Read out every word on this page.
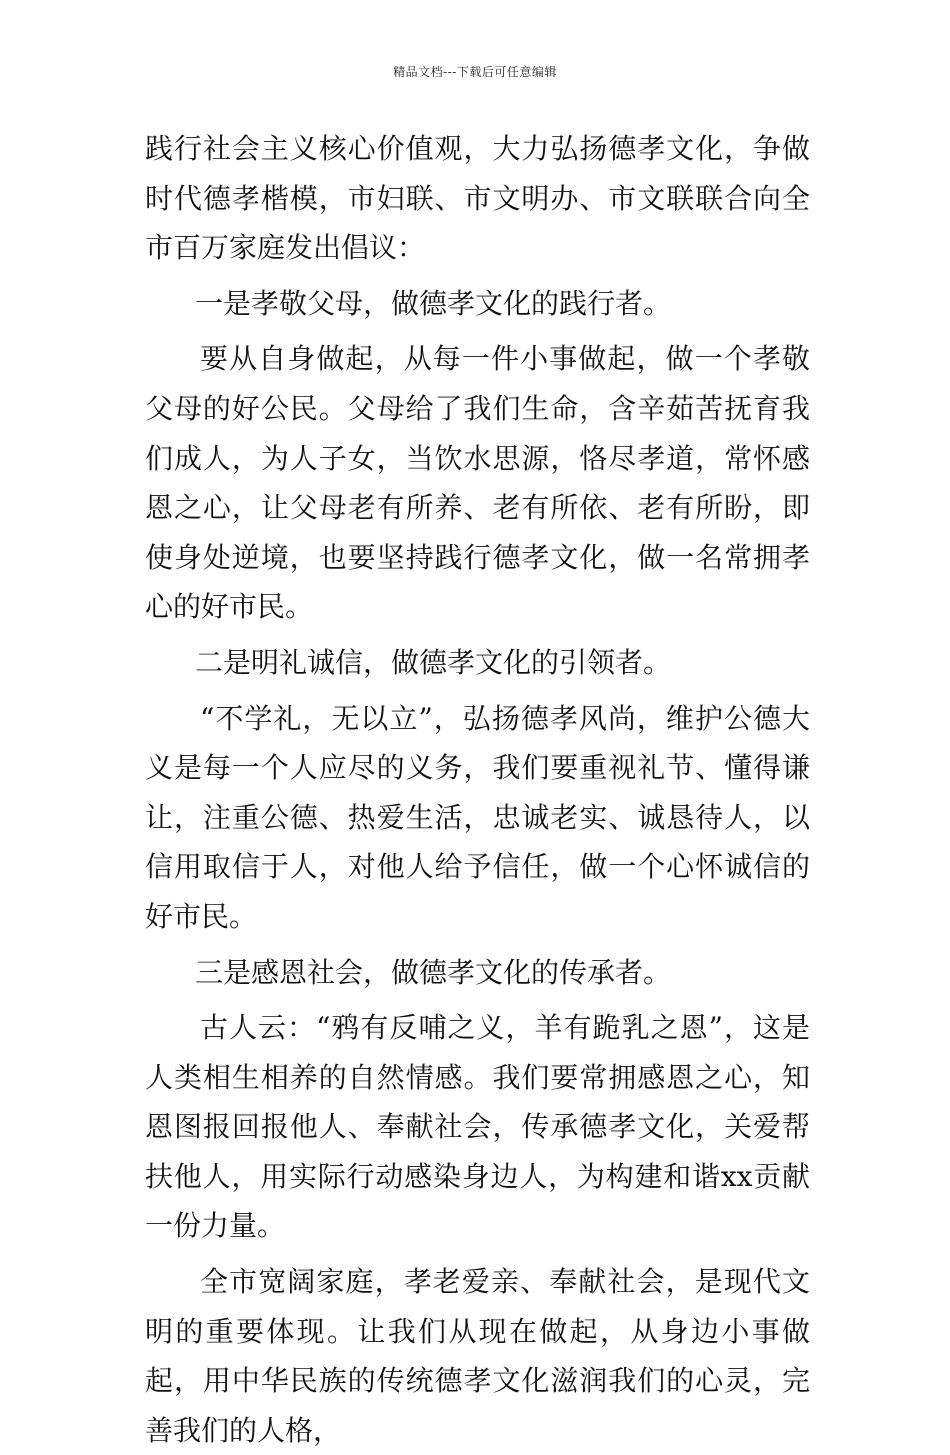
精品文档---下载后可任意编辑

践行社会主义核心价值观，大力弘扬德孝文化，争做时代德孝楷模，市妇联、市文明办、市文联联合向全市百万家庭发出倡议：

一是孝敬父母，做德孝文化的践行者。

要从自身做起，从每一件小事做起，做一个孝敬父母的好公民。父母给了我们生命，含辛茹苦抚育我们成人，为人子女，当饮水思源，恪尽孝道，常怀感恩之心，让父母老有所养、老有所依、老有所盼，即使身处逆境，也要坚持践行德孝文化，做一名常拥孝心的好市民。

二是明礼诚信，做德孝文化的引领者。

“不学礼，无以立”，弘扬德孝风尚，维护公德大义是每一个人应尽的义务，我们要重视礼节、懂得谦让，注重公德、热爱生活，忠诚老实、诚恳待人，以信用取信于人，对他人给予信任，做一个心怀诚信的好市民。

三是感恩社会，做德孝文化的传承者。

古人云：“鸦有反哺之义，羊有跪乳之恩”，这是人类相生相养的自然情感。我们要常拥感恩之心，知恩图报回报他人、奉献社会，传承德孝文化，关爱帮扶他人，用实际行动感染身边人，为构建和谐xx贡献一份力量。

全市宽阔家庭，孝老爱亲、奉献社会，是现代文明的重要体现。让我们从现在做起，从身边小事做起，用中华民族的传统德孝文化滋润我们的心灵，完善我们的人格，
